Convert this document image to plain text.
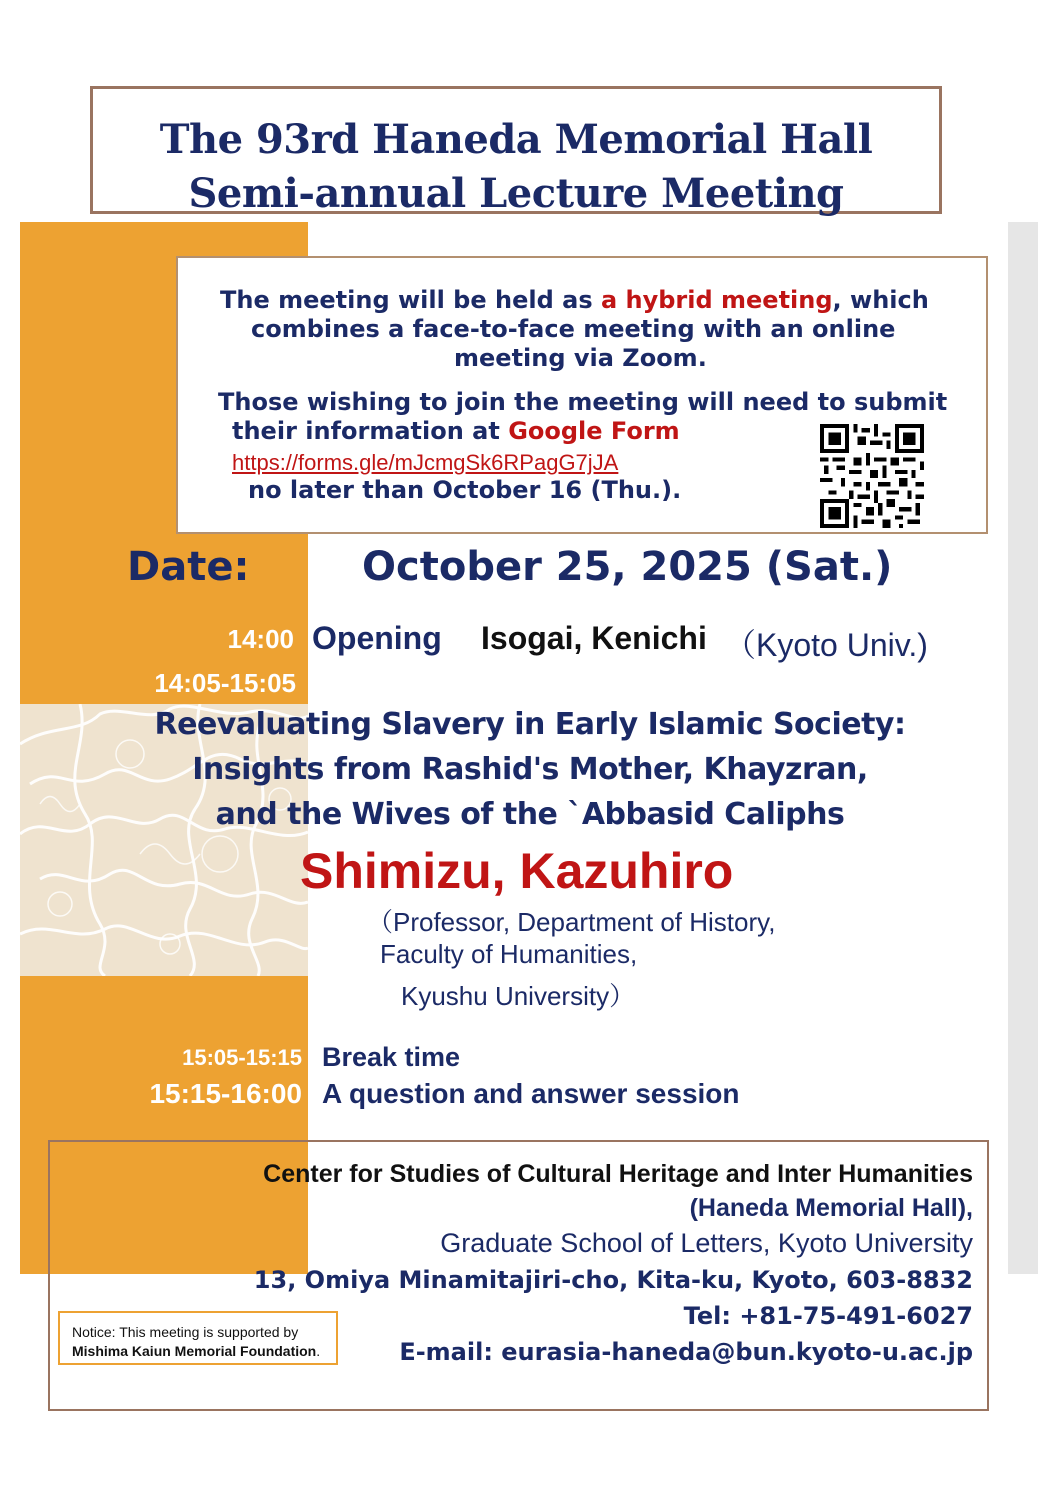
The 93rd Haneda Memorial Hall
Semi-annual Lecture Meeting
The meeting will be held as a hybrid meeting, which
combines a face-to-face meeting with an online
meeting via Zoom.
Those wishing to join the meeting will need to submit
their information at Google Form
https://forms.gle/mJcmgSk6RPagG7jJA
no later than October 16 (Thu.).
Date:	October 25, 2025 (Sat.)
14:00 Opening Isogai, Kenichi （Kyoto Univ.)
14:05-15:05
Reevaluating Slavery in Early Islamic Society:
Insights from Rashid's Mother, Khayzran,
and the Wives of the `Abbasid Caliphs
Shimizu, Kazuhiro
（Professor, Department of History,
Faculty of Humanities,
Kyushu University）
15:05-15:15 Break time
15:15-16:00 A question and answer session
Center for Studies of Cultural Heritage and Inter Humanities
(Haneda Memorial Hall),
Graduate School of Letters, Kyoto University
13, Omiya Minamitajiri-cho, Kita-ku, Kyoto, 603-8832
Tel: +81-75-491-6027
E-mail: eurasia-haneda@bun.kyoto-u.ac.jp
Notice: This meeting is supported by
Mishima Kaiun Memorial Foundation.
